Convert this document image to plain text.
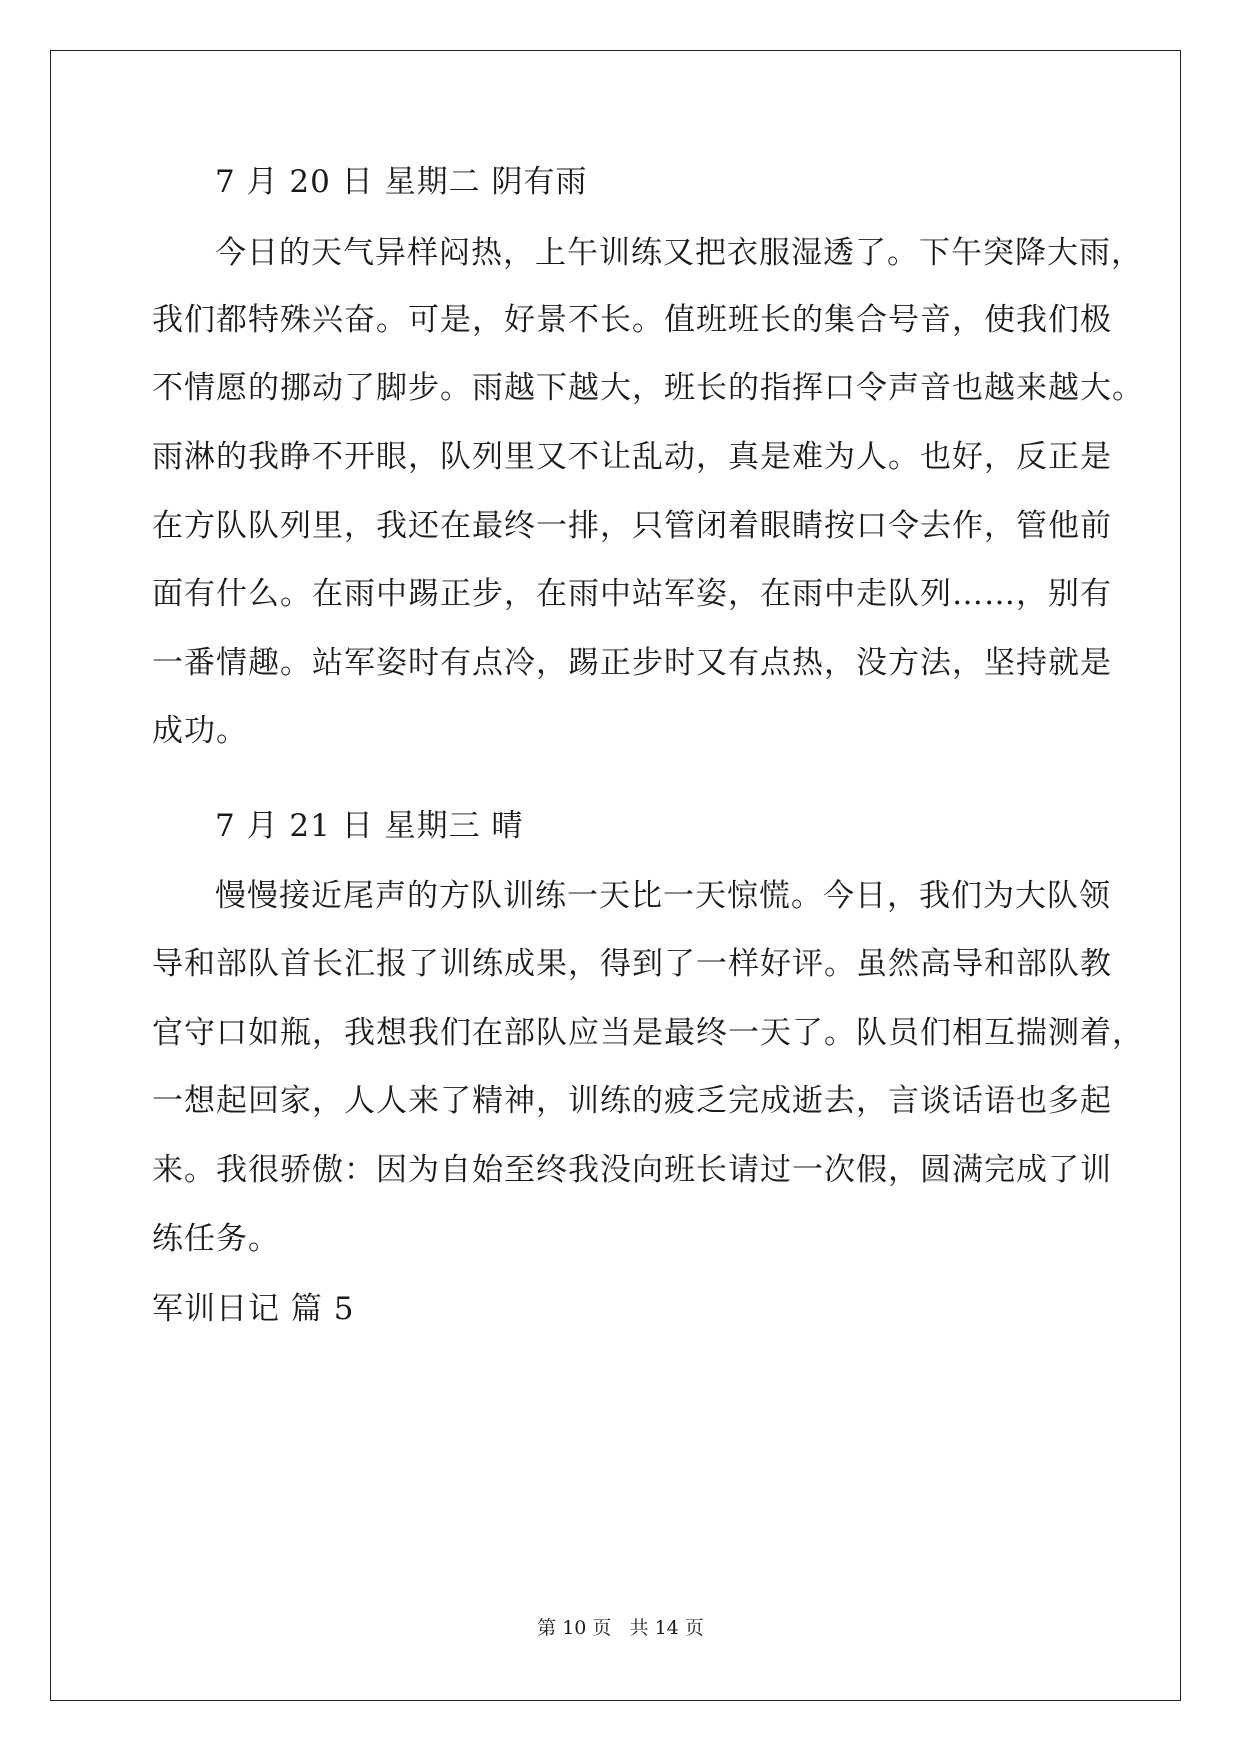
7 月 20 日 星期二 阴有雨
今日的天气异样闷热，上午训练又把衣服湿透了。下午突降大雨，
我们都特殊兴奋。可是，好景不长。值班班长的集合号音，使我们极
不情愿的挪动了脚步。雨越下越大，班长的指挥口令声音也越来越大。
雨淋的我睁不开眼，队列里又不让乱动，真是难为人。也好，反正是
在方队队列里，我还在最终一排，只管闭着眼睛按口令去作，管他前
面有什么。在雨中踢正步，在雨中站军姿，在雨中走队列……，别有
一番情趣。站军姿时有点冷，踢正步时又有点热，没方法，坚持就是
成功。
7 月 21 日 星期三 晴
慢慢接近尾声的方队训练一天比一天惊慌。今日，我们为大队领
导和部队首长汇报了训练成果，得到了一样好评。虽然高导和部队教
官守口如瓶，我想我们在部队应当是最终一天了。队员们相互揣测着，
一想起回家，人人来了精神，训练的疲乏完成逝去，言谈话语也多起
来。我很骄傲：因为自始至终我没向班长请过一次假，圆满完成了训
练任务。
军训日记 篇 5
第 10 页   共 14 页
